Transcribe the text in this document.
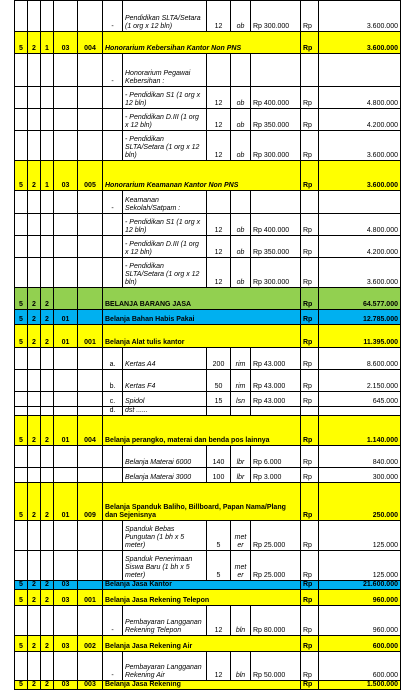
					-	Pendidikan SLTA/Setara (1 org x 12 bln)	12	ob	Rp 300.000	Rp	3.600.000
5	2	1	03	004	Honorarium Kebersihan Kantor Non PNS					Rp	3.600.000
					-	Honorarium Pegawai Kebersihan :					
						- Pendidikan S1 (1 org x 12 bln)	12	ob	Rp 400.000	Rp	4.800.000
						- Pendidikan D.III (1 org x 12 bln)	12	ob	Rp 350.000	Rp	4.200.000
						- Pendidikan SLTA/Setara (1 org x 12 bln)	12	ob	Rp 300.000	Rp	3.600.000
5	2	1	03	005	Honorarium Keamanan Kantor Non PNS					Rp	3.600.000
					-	Keamanan Sekolah/Satpam :					
						- Pendidikan S1 (1 org x 12 bln)	12	ob	Rp 400.000	Rp	4.800.000
						- Pendidikan D.III (1 org x 12 bln)	12	ob	Rp 350.000	Rp	4.200.000
						- Pendidikan SLTA/Setara (1 org x 12 bln)	12	ob	Rp 300.000	Rp	3.600.000
5	2	2			BELANJA BARANG JASA					Rp	64.577.000
5	2	2	01		Belanja Bahan Habis Pakai					Rp	12.785.000
5	2	2	01	001	Belanja Alat tulis kantor					Rp	11.395.000
					a.	Kertas A4	200	rim	Rp 43.000	Rp	8.600.000
					b.	Kertas F4	50	rim	Rp 43.000	Rp	2.150.000
					c.	Spidol	15	lsn	Rp 43.000	Rp	645.000
					d.	dst ......					
5	2	2	01	004	Belanja perangko, materai dan benda pos lainnya					Rp	1.140.000
						Belanja Materai 6000	140	lbr	Rp 6.000	Rp	840.000
						Belanja Materai 3000	100	lbr	Rp 3.000	Rp	300.000
5	2	2	01	009	Belanja Spanduk Baliho, Billboard, Papan Nama/Plang dan Sejenisnya					Rp	250.000
						Spanduk Bebas Pungutan (1 bh x 5 meter)	5	met er	Rp 25.000	Rp	125.000
						Spanduk Penerimaan Siswa Baru (1 bh x 5 meter)	5	met er	Rp 25.000	Rp	125.000
5	2	2	03		Belanja Jasa Kantor					Rp	21.600.000
5	2	2	03	001	Belanja Jasa Rekening Telepon					Rp	960.000
					-	Pembayaran Langganan Rekening Telepon	12	bln	Rp 80.000	Rp	960.000
5	2	2	03	002	Belanja Jasa Rekening Air					Rp	600.000
					-	Pembayaran Langganan Rekening Air	12	bln	Rp 50.000	Rp	600.000
5	2	2	03	003	Belanja Jasa Rekening					Rp	1.500.000
